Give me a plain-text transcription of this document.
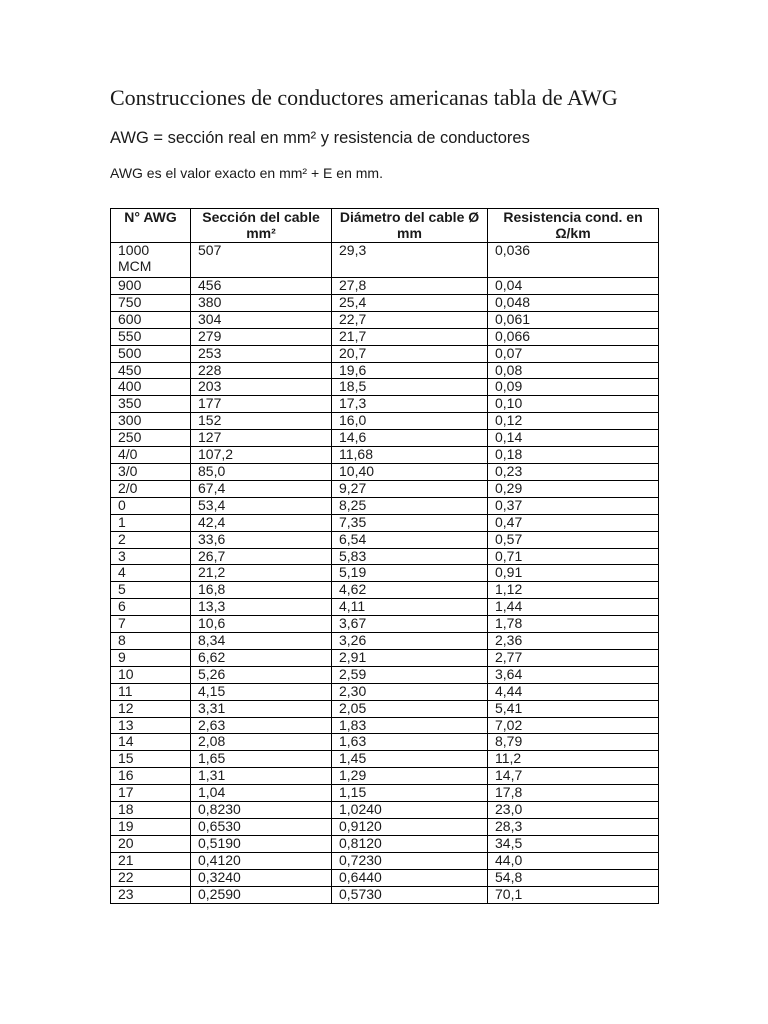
Construcciones de conductores americanas tabla de AWG
AWG = sección real en mm² y resistencia de conductores
AWG es el valor exacto en mm² + E en mm.
N° AWG	Sección del cable mm²	Diámetro del cable Ø mm	Resistencia cond. en Ω/km
1000 MCM	507	29,3	0,036
900	456	27,8	0,04
750	380	25,4	0,048
600	304	22,7	0,061
550	279	21,7	0,066
500	253	20,7	0,07
450	228	19,6	0,08
400	203	18,5	0,09
350	177	17,3	0,10
300	152	16,0	0,12
250	127	14,6	0,14
4/0	107,2	11,68	0,18
3/0	85,0	10,40	0,23
2/0	67,4	9,27	0,29
0	53,4	8,25	0,37
1	42,4	7,35	0,47
2	33,6	6,54	0,57
3	26,7	5,83	0,71
4	21,2	5,19	0,91
5	16,8	4,62	1,12
6	13,3	4,11	1,44
7	10,6	3,67	1,78
8	8,34	3,26	2,36
9	6,62	2,91	2,77
10	5,26	2,59	3,64
11	4,15	2,30	4,44
12	3,31	2,05	5,41
13	2,63	1,83	7,02
14	2,08	1,63	8,79
15	1,65	1,45	11,2
16	1,31	1,29	14,7
17	1,04	1,15	17,8
18	0,8230	1,0240	23,0
19	0,6530	0,9120	28,3
20	0,5190	0,8120	34,5
21	0,4120	0,7230	44,0
22	0,3240	0,6440	54,8
23	0,2590	0,5730	70,1
